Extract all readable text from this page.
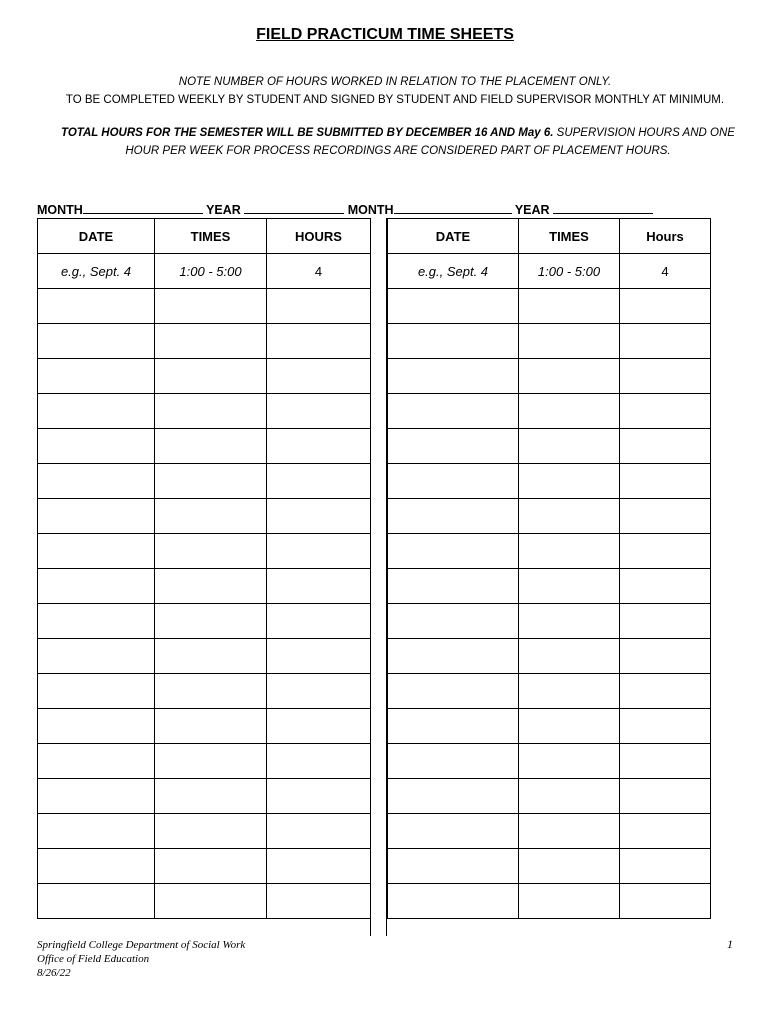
FIELD PRACTICUM TIME SHEETS
NOTE NUMBER OF HOURS WORKED IN RELATION TO THE PLACEMENT ONLY.
TO BE COMPLETED WEEKLY BY STUDENT AND SIGNED BY STUDENT AND FIELD SUPERVISOR MONTHLY AT MINIMUM.
TOTAL HOURS FOR THE SEMESTER WILL BE SUBMITTED BY DECEMBER 16 AND May 6. SUPERVISION HOURS AND ONE HOUR PER WEEK FOR PROCESS RECORDINGS ARE CONSIDERED PART OF PLACEMENT HOURS.
MONTH	YEAR	MONTH	YEAR
DATE	TIMES	HOURS
e.g., Sept. 4	1:00 - 5:00	4

DATE	TIMES	Hours
e.g., Sept. 4	1:00 - 5:00	4

Springfield College Department of Social Work
Office of Field Education
8/26/22
1
